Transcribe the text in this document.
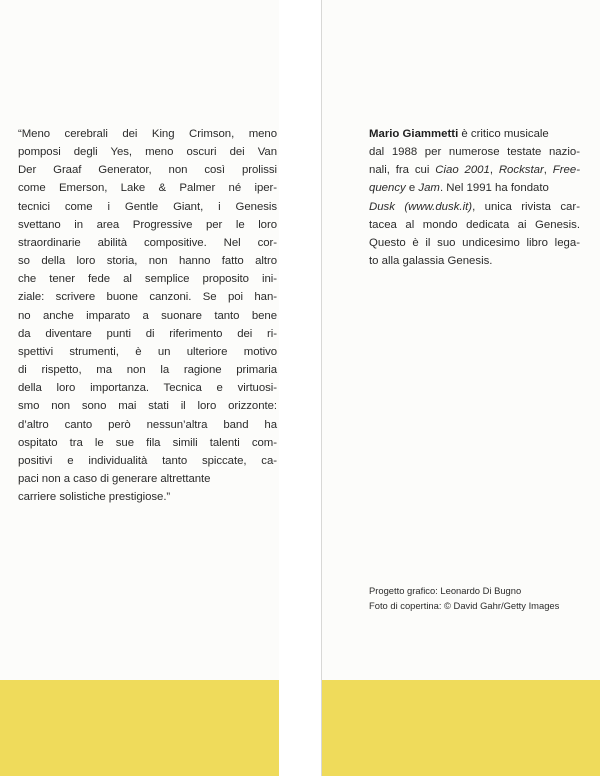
“Meno cerebrali dei King Crimson, meno
pomposi degli Yes, meno oscuri dei Van
Der Graaf Generator, non così prolissi
come Emerson, Lake & Palmer né iper-
tecnici come i Gentle Giant, i Genesis
svettano in area Progressive per le loro
straordinarie abilità compositive. Nel cor-
so della loro storia, non hanno fatto altro
che tener fede al semplice proposito ini-
ziale: scrivere buone canzoni. Se poi han-
no anche imparato a suonare tanto bene
da diventare punti di riferimento dei ri-
spettivi strumenti, è un ulteriore motivo
di rispetto, ma non la ragione primaria
della loro importanza. Tecnica e virtuosi-
smo non sono mai stati il loro orizzonte:
d’altro canto però nessun’altra band ha
ospitato tra le sue fila simili talenti com-
positivi e individualità tanto spiccate, ca-
paci non a caso di generare altrettante
carriere solistiche prestigiose.”

Mario Giammetti è critico musicale
dal 1988 per numerose testate nazio-
nali, fra cui Ciao 2001, Rockstar, Free-
quency e Jam. Nel 1991 ha fondato
Dusk (www.dusk.it), unica rivista car-
tacea al mondo dedicata ai Genesis.
Questo è il suo undicesimo libro lega-
to alla galassia Genesis.

Progetto grafico: Leonardo Di Bugno
Foto di copertina: © David Gahr/Getty Images
